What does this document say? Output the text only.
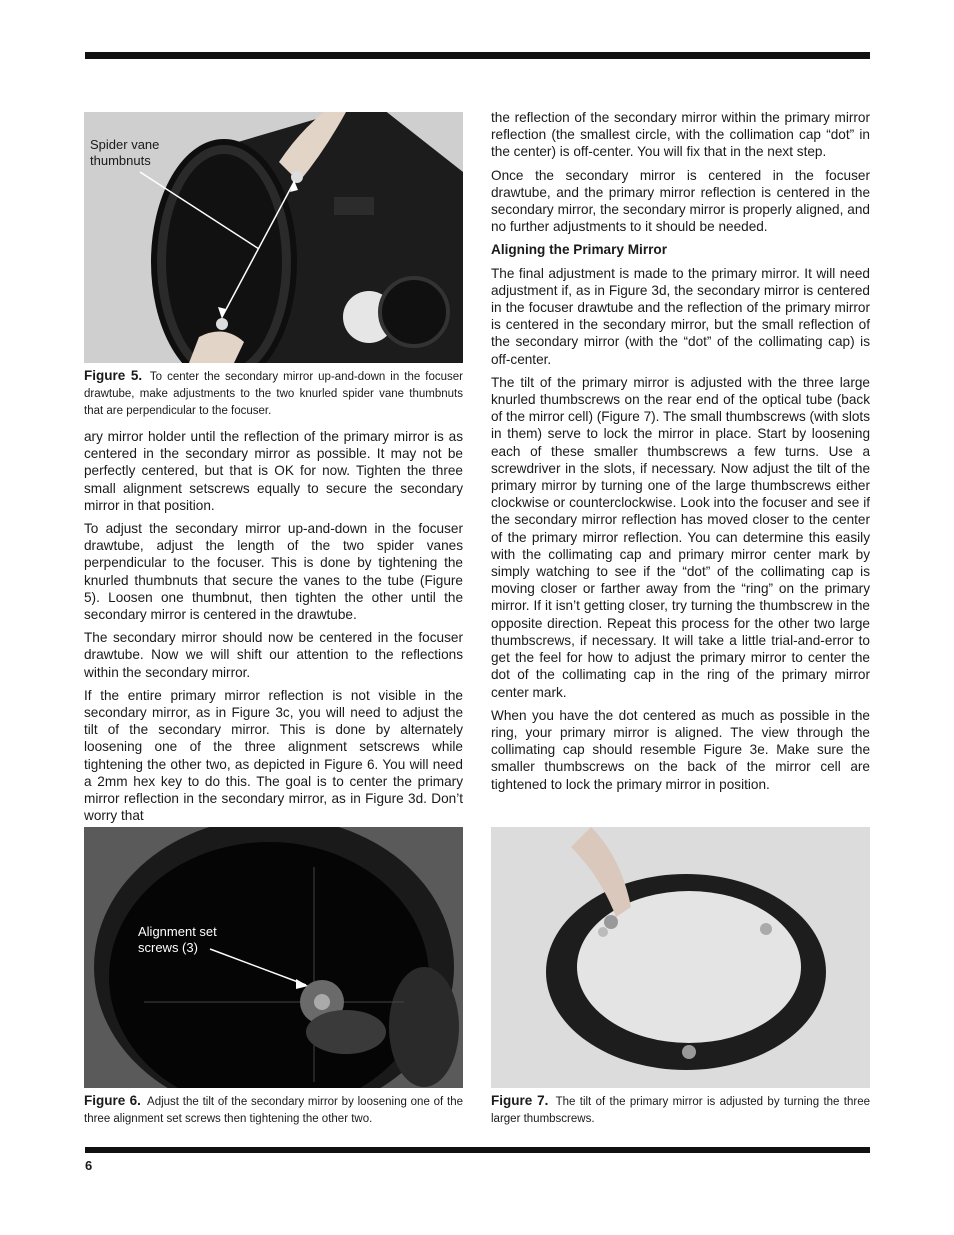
Spider vane thumbnuts
Figure 5. To center the secondary mirror up-and-down in the focuser drawtube, make adjustments to the two knurled spider vane thumbnuts that are perpendicular to the focuser.

ary mirror holder until the reflection of the primary mirror is as centered in the secondary mirror as possible. It may not be perfectly centered, but that is OK for now. Tighten the three small alignment setscrews equally to secure the secondary mirror in that position.

To adjust the secondary mirror up-and-down in the focuser drawtube, adjust the length of the two spider vanes perpendicular to the focuser. This is done by tightening the knurled thumbnuts that secure the vanes to the tube (Figure 5). Loosen one thumbnut, then tighten the other until the secondary mirror is centered in the drawtube.

The secondary mirror should now be centered in the focuser drawtube. Now we will shift our attention to the reflections within the secondary mirror.

If the entire primary mirror reflection is not visible in the secondary mirror, as in Figure 3c, you will need to adjust the tilt of the secondary mirror. This is done by alternately loosening one of the three alignment setscrews while tightening the other two, as depicted in Figure 6. You will need a 2mm hex key to do this. The goal is to center the primary mirror reflection in the secondary mirror, as in Figure 3d. Don’t worry that

the reflection of the secondary mirror within the primary mirror reflection (the smallest circle, with the collimation cap “dot” in the center) is off-center. You will fix that in the next step.

Once the secondary mirror is centered in the focuser drawtube, and the primary mirror reflection is centered in the secondary mirror, the secondary mirror is properly aligned, and no further adjustments to it should be needed.

Aligning the Primary Mirror

The final adjustment is made to the primary mirror. It will need adjustment if, as in Figure 3d, the secondary mirror is centered in the focuser drawtube and the reflection of the primary mirror is centered in the secondary mirror, but the small reflection of the secondary mirror (with the “dot” of the collimating cap) is off-center.

The tilt of the primary mirror is adjusted with the three large knurled thumbscrews on the rear end of the optical tube (back of the mirror cell) (Figure 7). The small thumbscrews (with slots in them) serve to lock the mirror in place. Start by loosening each of these smaller thumbscrews a few turns. Use a screwdriver in the slots, if necessary. Now adjust the tilt of the primary mirror by turning one of the large thumbscrews either clockwise or counterclockwise. Look into the focuser and see if the secondary mirror reflection has moved closer to the center of the primary mirror reflection. You can determine this easily with the collimating cap and primary mirror center mark by simply watching to see if the “dot” of the collimating cap is moving closer or farther away from the “ring” on the primary mirror. If it isn’t getting closer, try turning the thumbscrew in the opposite direction. Repeat this process for the other two large thumbscrews, if necessary. It will take a little trial-and-error to get the feel for how to adjust the primary mirror to center the dot of the collimating cap in the ring of the primary mirror center mark.

When you have the dot centered as much as possible in the ring, your primary mirror is aligned. The view through the collimating cap should resemble Figure 3e. Make sure the smaller thumbscrews on the back of the mirror cell are tightened to lock the primary mirror in position.

Alignment set screws (3)
Figure 6. Adjust the tilt of the secondary mirror by loosening one of the three alignment set screws then tightening the other two.
Figure 7. The tilt of the primary mirror is adjusted by turning the three larger thumbscrews.
6
